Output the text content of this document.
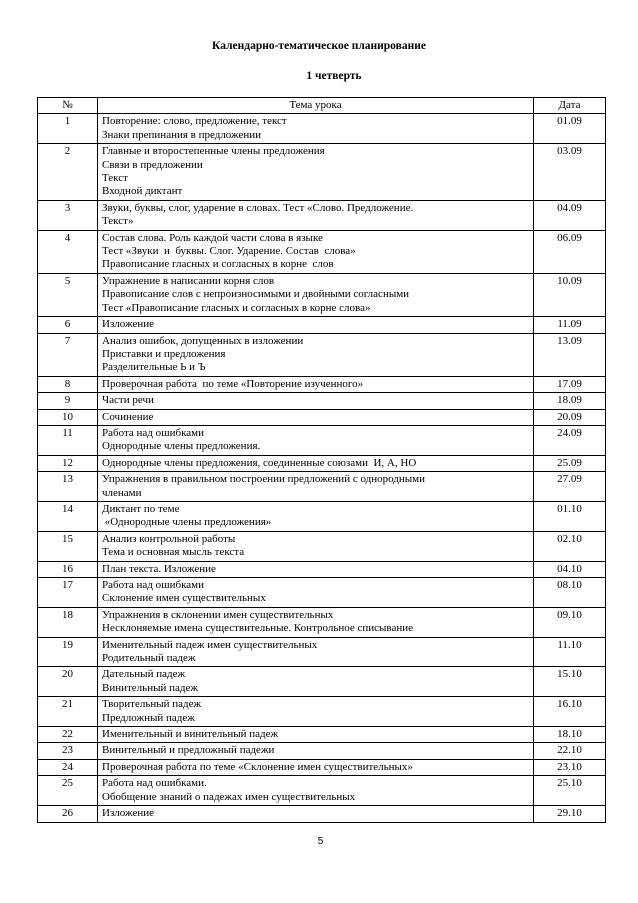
Календарно-тематическое планирование
1 четверть
№	Тема урока	Дата
1	Повторение: слово, предложение, текст
Знаки препинания в предложении	01.09
2	Главные и второстепенные члены предложения
Связи в предложении
Текст
Входной диктант	03.09
3	Звуки, буквы, слог, ударение в словах. Тест «Слово. Предложение.
Текст»	04.09
4	Состав слова. Роль каждой части слова в языке
Тест «Звуки  и  буквы. Слог. Ударение. Состав  слова»
Правописание гласных и согласных в корне  слов	06.09
5	Упражнение в написании корня слов
Правописание слов с непроизносимыми и двойными согласными
Тест «Правописание гласных и согласных в корне слова»	10.09
6	Изложение	11.09
7	Анализ ошибок, допущенных в изложении
Приставки и предложения
Разделительные Ь и Ъ	13.09
8	Проверочная работа  по теме «Повторение изученного»	17.09
9	Части речи	18.09
10	Сочинение	20.09
11	Работа над ошибками
Однородные члены предложения.	24.09
12	Однородные члены предложения, соединенные союзами  И, А, НО	25.09
13	Упражнения в правильном построении предложений с однородными
членами	27.09
14	Диктант по теме
«Однородные члены предложения»	01.10
15	Анализ контрольной работы
Тема и основная мысль текста	02.10
16	План текста. Изложение	04.10
17	Работа над ошибками
Склонение имен существительных	08.10
18	Упражнения в склонении имен существительных
Несклоняемые имена существительные. Контрольное списывание	09.10
19	Именительный падеж имен существительных
Родительный падеж	11.10
20	Дательный падеж
Винительный падеж	15.10
21	Творительный падеж
Предложный падеж	16.10
22	Именительный и винительный падеж	18.10
23	Винительный и предложный падежи	22.10
24	Проверочная работа по теме «Склонение имен существительных»	23.10
25	Работа над ошибками.
Обобщение знаний о падежах имен существительных	25.10
26	Изложение	29.10
5
